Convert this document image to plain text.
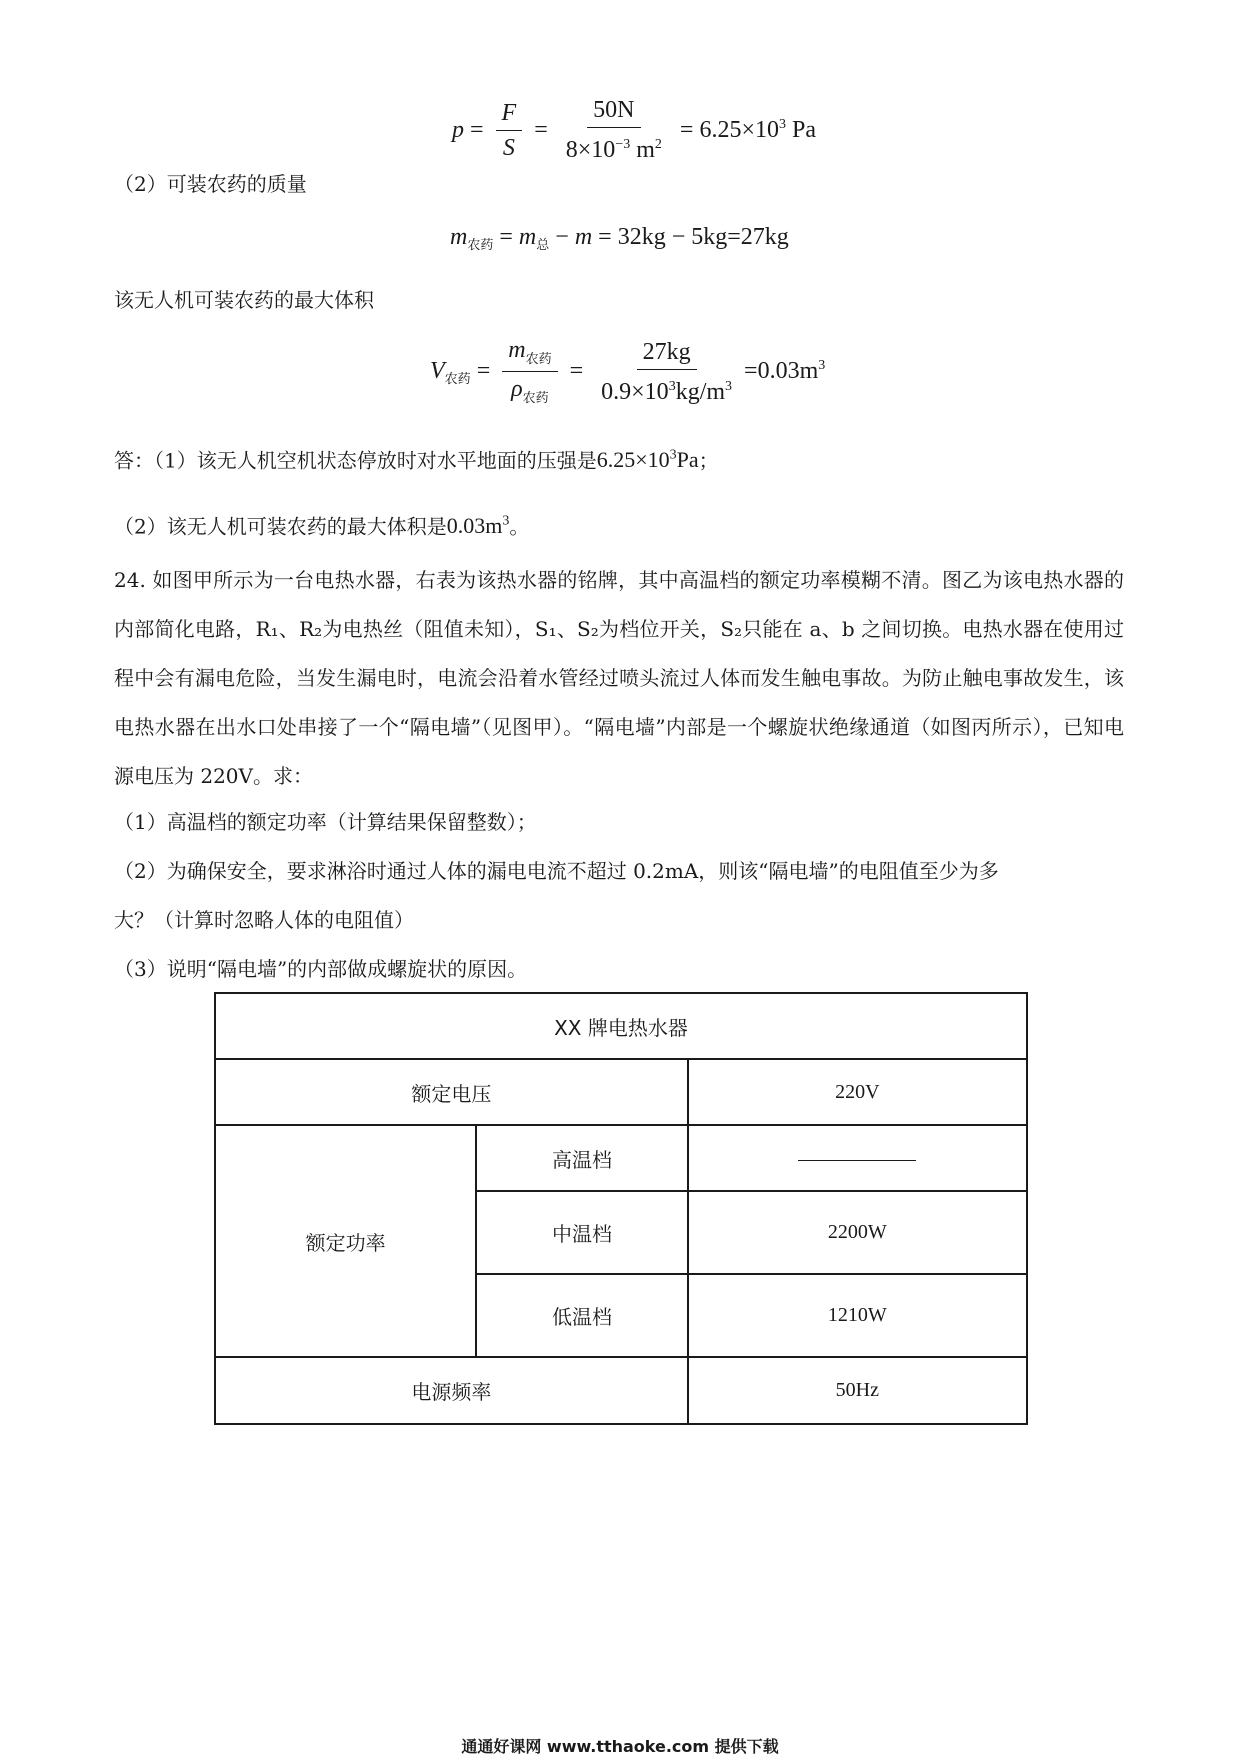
$p = \frac{F}{S} = \frac{50N}{8\times 10^{-3} m^2} = 6.25\times 10^3$ Pa
（2）可装农药的质量
m 农药 = m 总 − m = 32kg − 5kg=27kg
该无人机可装农药的最大体积
V 农药 = $\frac{m_{农药}}{\rho_{农药}} = \frac{27kg}{0.9\times 10^3kg/m^3} =0.03m^3$
答：（1）该无人机空机状态停放时对水平地面的压强是$6.25\times 10^3Pa$；
（2）该无人机可装农药的最大体积是$0.03m^3$。
24. 如图甲所示为一台电热水器，右表为该热水器的铭牌，其中高温档的额定功率模糊不清。图乙为该电热水器的内部简化电路，R₁、R₂为电热丝（阻值未知），S₁、S₂为档位开关，S₂只能在 a、b 之间切换。电热水器在使用过程中会有漏电危险，当发生漏电时，电流会沿着水管经过喷头流过人体而发生触电事故。为防止触电事故发生，该电热水器在出水口处串接了一个“隔电墙”（见图甲）。“隔电墙”内部是一个螺旋状绝缘通道（如图丙所示），已知电源电压为 220V。求：
（1）高温档的额定功率（计算结果保留整数）；
（2）为确保安全，要求淋浴时通过人体的漏电电流不超过 0.2mA，则该“隔电墙”的电阻值至少为多
大？（计算时忽略人体的电阻值）
（3）说明“隔电墙”的内部做成螺旋状的原因。
XX 牌电热水器		
额定电压		220V
额定功率	高温档	
	中温档	2200W
	低温档	1210W
电源频率		50Hz
通通好课网 www.tthaoke.com 提供下载
